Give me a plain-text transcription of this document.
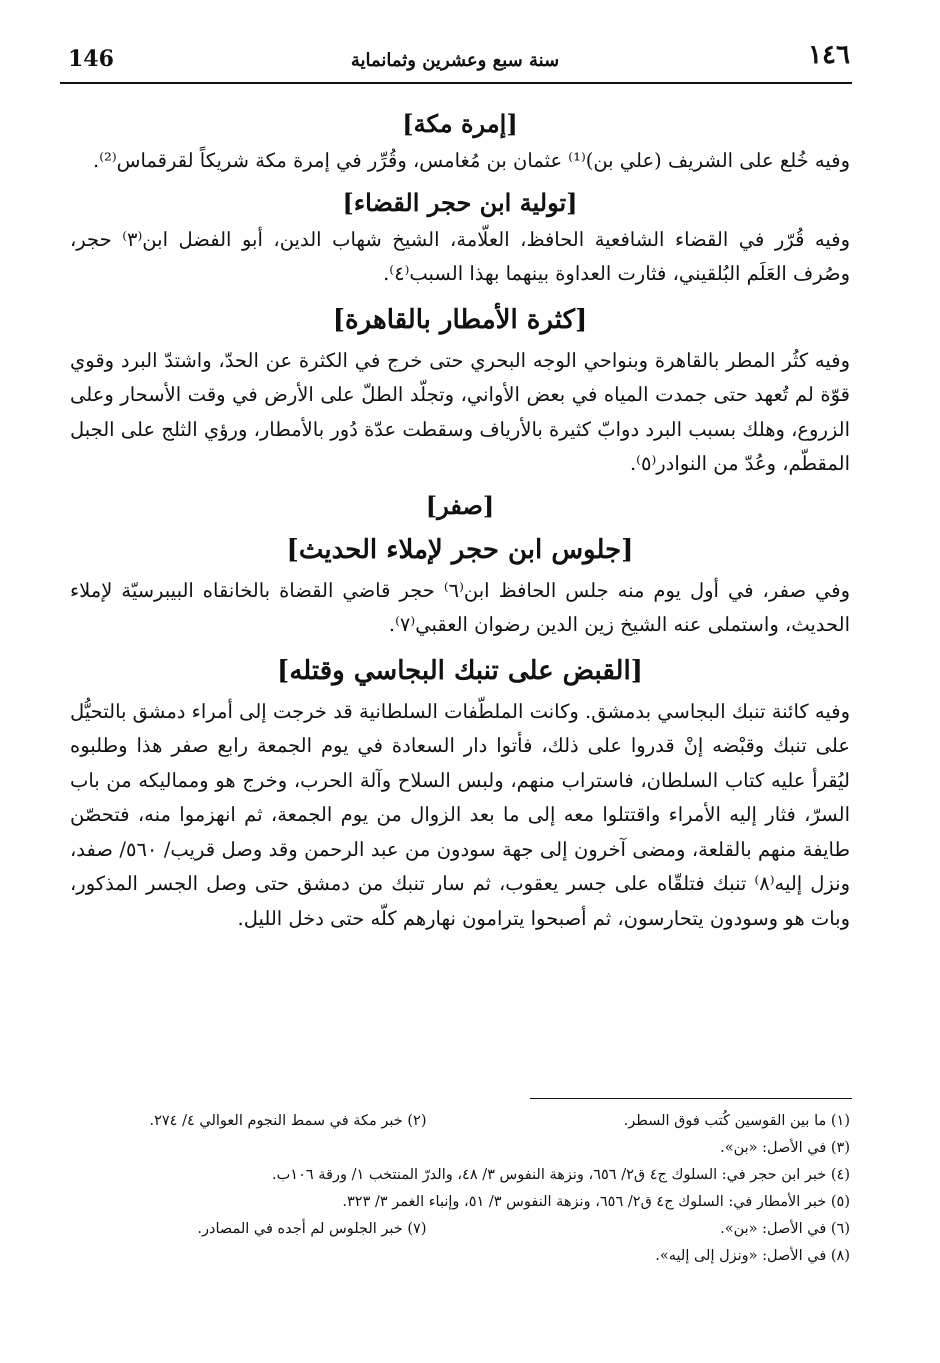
146	سنة سبع وعشرين وثمانماية	١٤٦
[إمرة مكة]

وفيه خُلع على الشريف (علي بن)⁽¹⁾ عثمان بن مُغامس، وقُرِّر في إمرة مكة شريكاً لقرقماس⁽²⁾.

[تولية ابن حجر القضاء]

وفيه قُرّر في القضاء الشافعية الحافظ، العلّامة، الشيخ شهاب الدين، أبو الفضل ابن⁽٣⁾ حجر، وصُرف العَلَم البُلقيني، فثارت العداوة بينهما بهذا السبب⁽٤⁾.

[كثرة الأمطار بالقاهرة]

وفيه كثُر المطر بالقاهرة وبنواحي الوجه البحري حتى خرج في الكثرة عن الحدّ، واشتدّ البرد وقوي قوّة لم تُعهد حتى جمدت المياه في بعض الأواني، وتجلّد الطلّ على الأرض في وقت الأسحار وعلى الزروع، وهلك بسبب البرد دوابّ كثيرة بالأرياف وسقطت عدّة دُور بالأمطار، ورؤي الثلج على الجبل المقطّم، وعُدّ من النوادر⁽٥⁾.

[صفر]
[جلوس ابن حجر لإملاء الحديث]

وفي صفر، في أول يوم منه جلس الحافظ ابن⁽٦⁾ حجر قاضي القضاة بالخانقاه البيبرسيّة لإملاء الحديث، واستملى عنه الشيخ زين الدين رضوان العقبي⁽٧⁾.

[القبض على تنبك البجاسي وقتله]

وفيه كائنة تنبك البجاسي بدمشق. وكانت الملطّفات السلطانية قد خرجت إلى أمراء دمشق بالتحيُّل على تنبك وقبْضه إنْ قدروا على ذلك، فأتوا دار السعادة في يوم الجمعة رابع صفر هذا وطلبوه ليُقرأ عليه كتاب السلطان، فاستراب منهم، ولبس السلاح وآلة الحرب، وخرج هو ومماليكه من باب السرّ، فثار إليه الأمراء واقتتلوا معه إلى ما بعد الزوال من يوم الجمعة، ثم انهزموا منه، فتحصّن طايفة منهم بالقلعة، ومضى آخرون إلى جهة سودون من عبد الرحمن وقد وصل قريب/ ٥٦٠/ صفد، ونزل إليه⁽٨⁾ تنبك فتلقّاه على جسر يعقوب، ثم سار تنبك من دمشق حتى وصل الجسر المذكور، وبات هو وسودون يتحارسون، ثم أصبحوا يترامون نهارهم كلّه حتى دخل الليل.

(١) ما بين القوسين كُتب فوق السطر.
(٢) خبر مكة في سمط النجوم العوالي ٤/ ٢٧٤.
(٣) في الأصل: «بن».
(٤) خبر ابن حجر في: السلوك ج٤ ق٢/ ٦٥٦، ونزهة النفوس ٣/ ٤٨، والدرّ المنتخب ١/ ورقة ١٠٦ب.
(٥) خبر الأمطار في: السلوك ج٤ ق٢/ ٦٥٦، ونزهة النفوس ٣/ ٥١، وإنباء الغمر ٣/ ٣٢٣.
(٦) في الأصل: «بن».
(٧) خبر الجلوس لم أجده في المصادر.
(٨) في الأصل: «ونزل إلى إليه».
